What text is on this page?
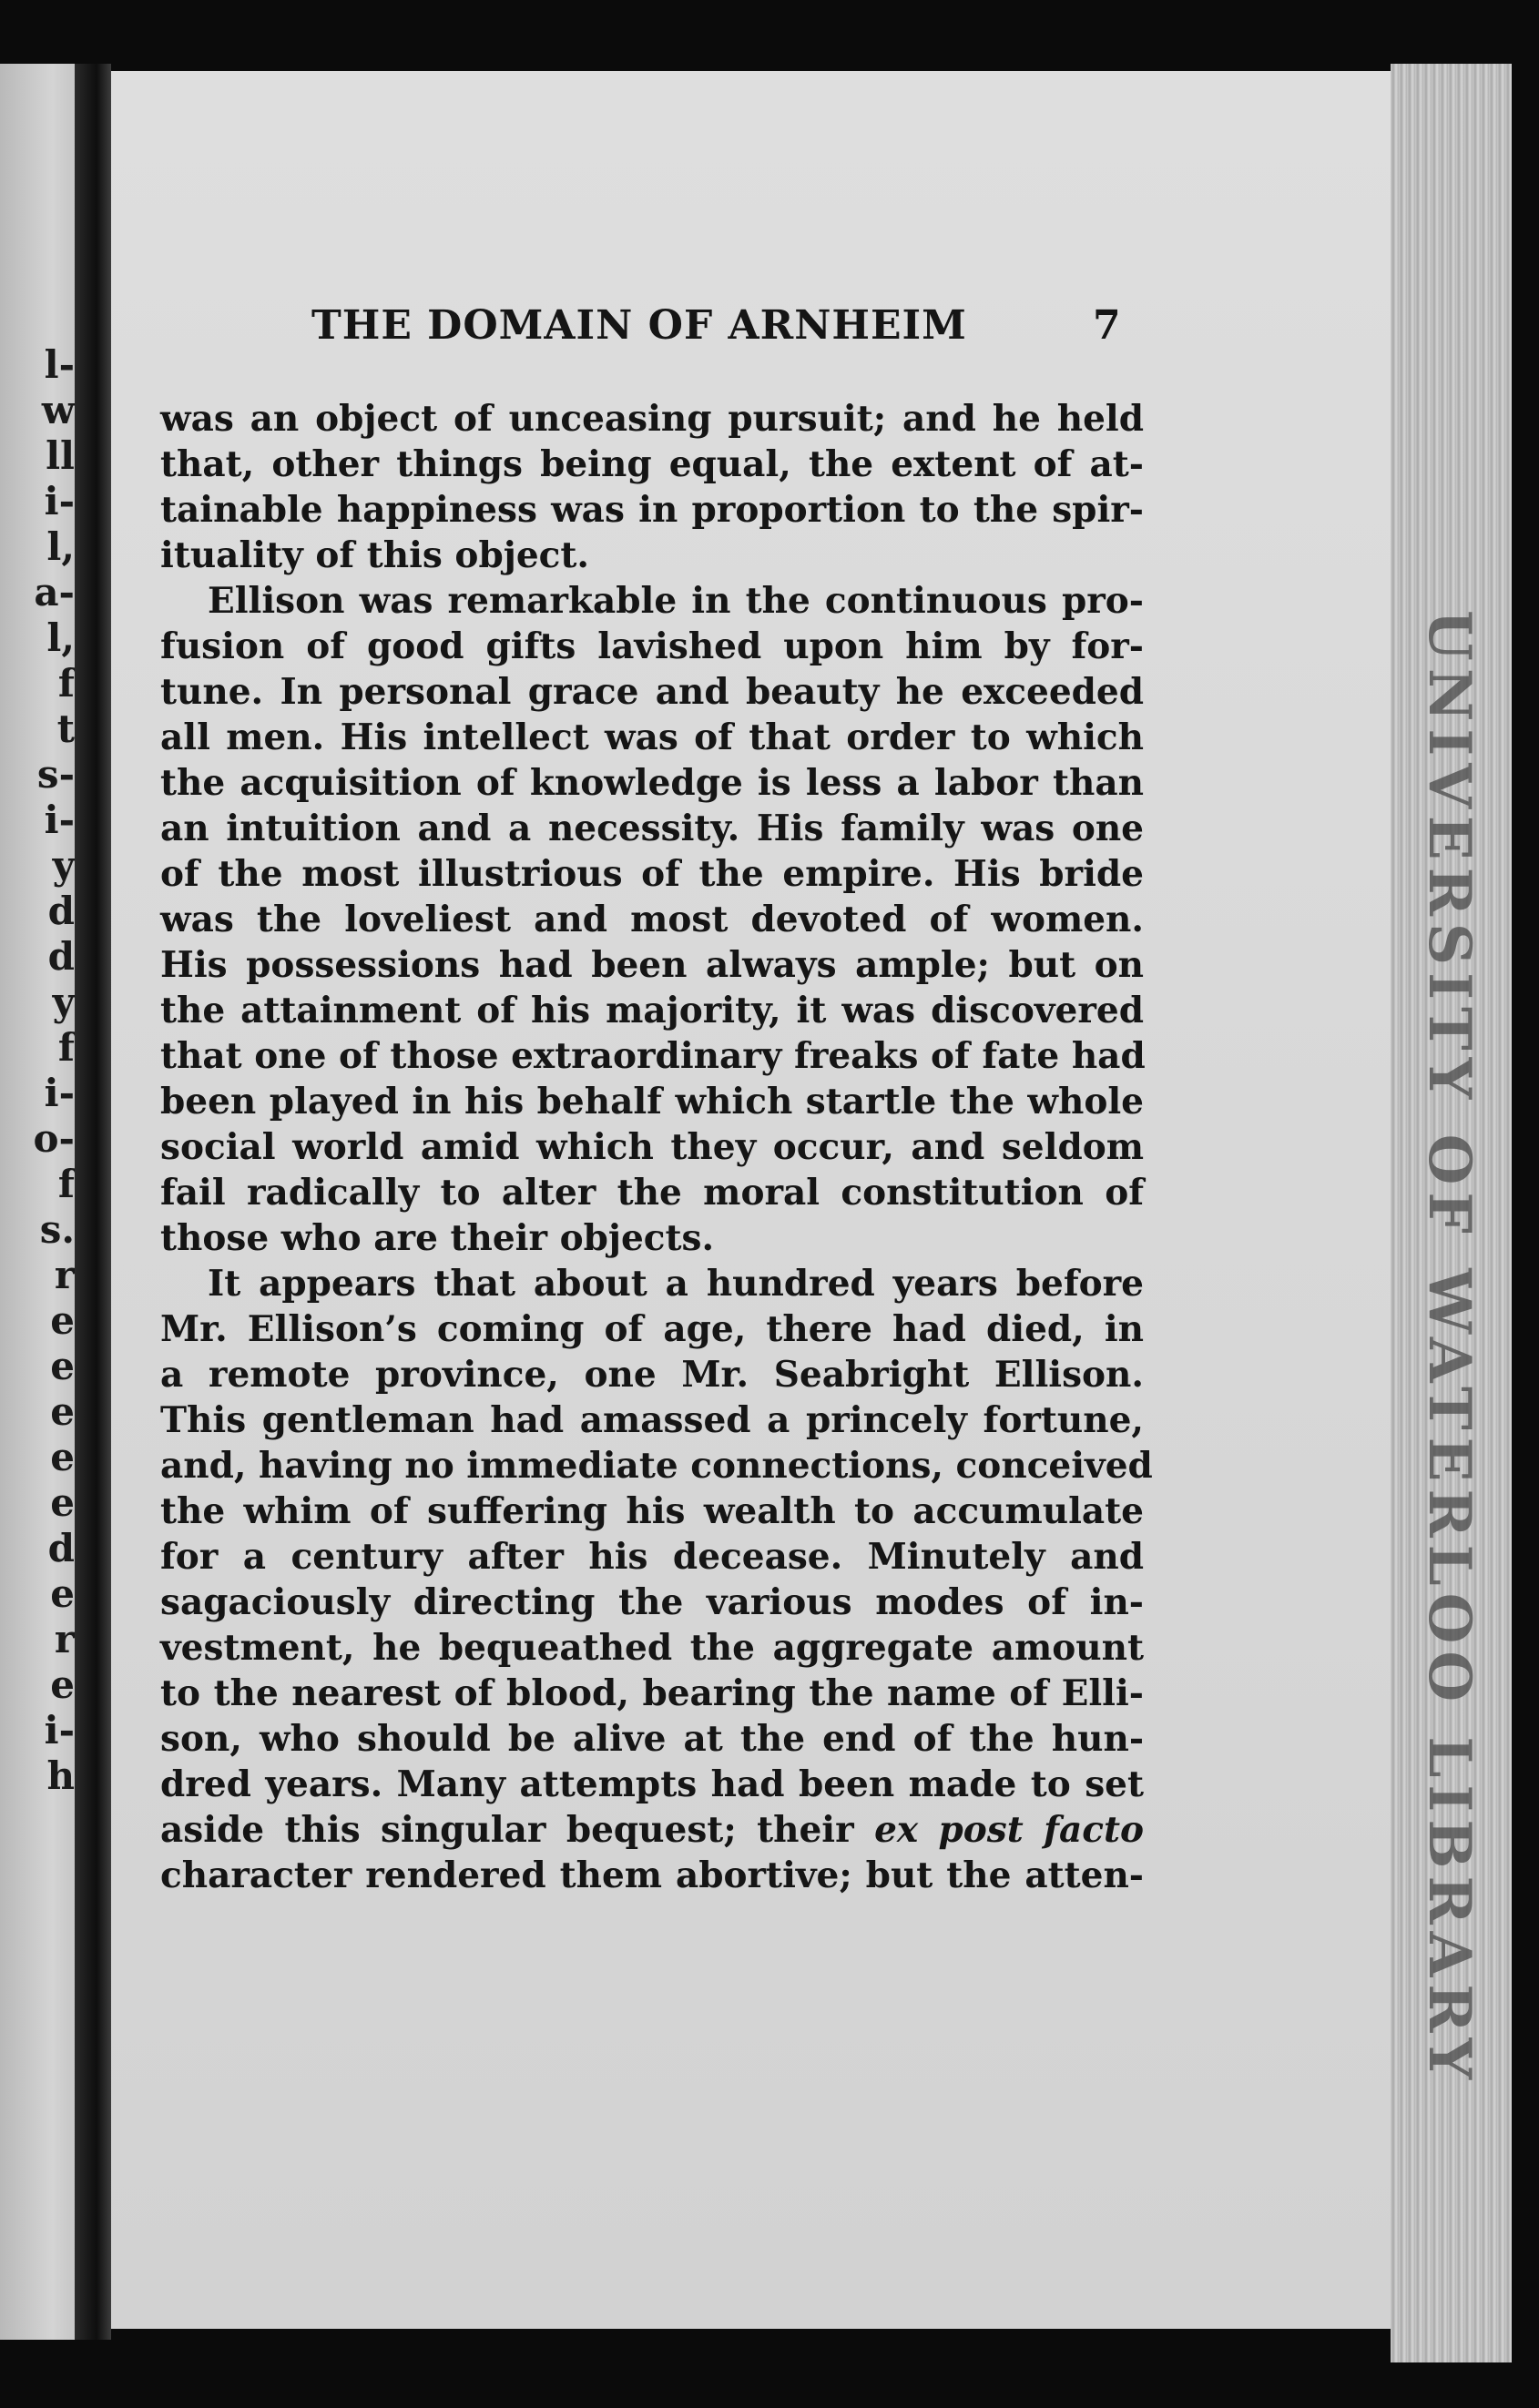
l-
w
ll
i-
l,
a-
l,
f
t
s-
i-
y
d
d
y
f
i-
o-
f
s.
r
e
e
e
e
e
d
e
r
e
i-
h	UNIVERSITY OF WATERLOO LIBRARY
THE DOMAIN OF ARNHEIM	7
was an object of unceasing pursuit; and he held
that, other things being equal, the extent of at-
tainable happiness was in proportion to the spir-
ituality of this object.
Ellison was remarkable in the continuous pro-
fusion of good gifts lavished upon him by for-
tune. In personal grace and beauty he exceeded
all men. His intellect was of that order to which
the acquisition of knowledge is less a labor than
an intuition and a necessity. His family was one
of the most illustrious of the empire. His bride
was the loveliest and most devoted of women.
His possessions had been always ample; but on
the attainment of his majority, it was discovered
that one of those extraordinary freaks of fate had
been played in his behalf which startle the whole
social world amid which they occur, and seldom
fail radically to alter the moral constitution of
those who are their objects.
It appears that about a hundred years before
Mr. Ellison’s coming of age, there had died, in
a remote province, one Mr. Seabright Ellison.
This gentleman had amassed a princely fortune,
and, having no immediate connections, conceived
the whim of suffering his wealth to accumulate
for a century after his decease. Minutely and
sagaciously directing the various modes of in-
vestment, he bequeathed the aggregate amount
to the nearest of blood, bearing the name of Elli-
son, who should be alive at the end of the hun-
dred years. Many attempts had been made to set
aside this singular bequest; their ex post facto
character rendered them abortive; but the atten-
